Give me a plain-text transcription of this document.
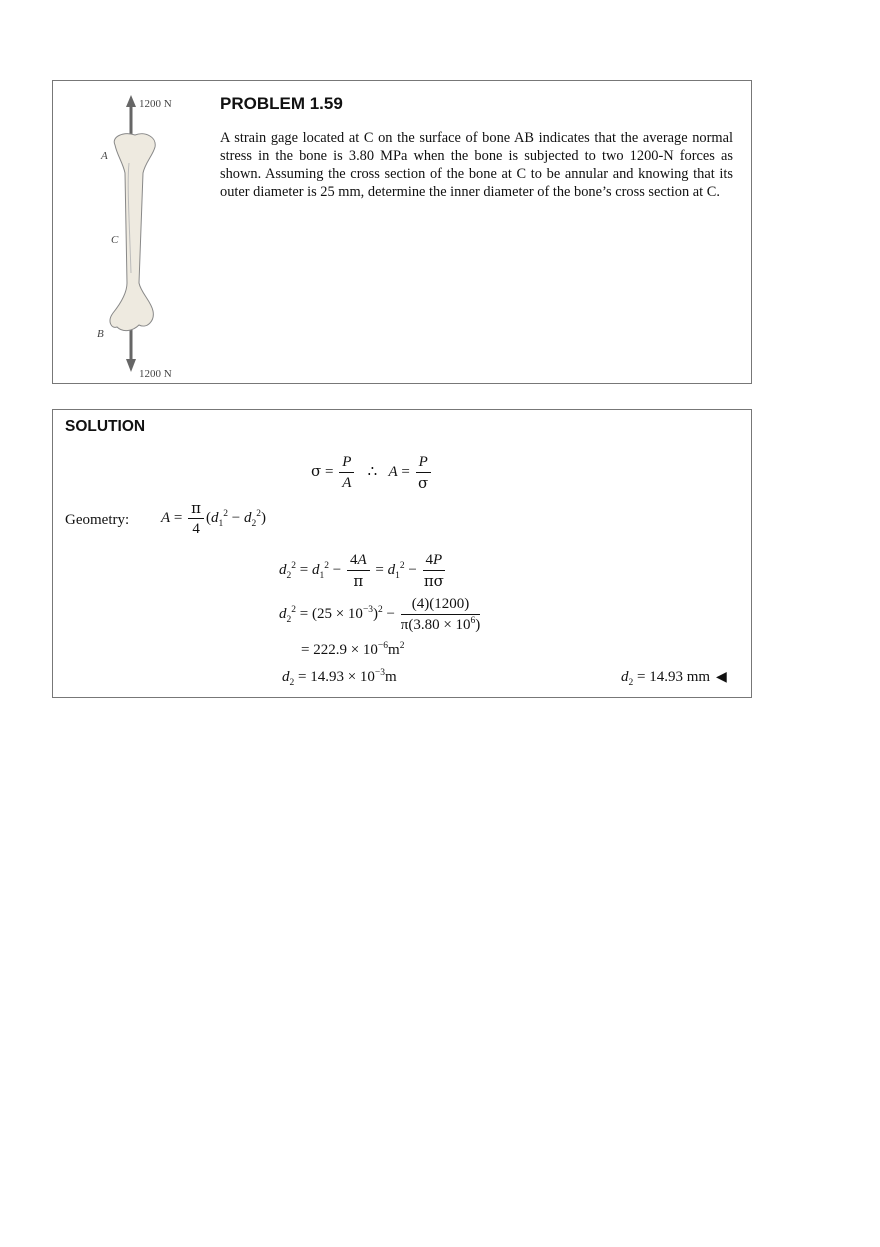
1200 N
1200 N
A
C
B
PROBLEM 1.59

A strain gage located at C on the surface of bone AB indicates that the average normal stress in the bone is 3.80 MPa when the bone is subjected to two 1200-N forces as shown. Assuming the cross section of the bone at C to be annular and knowing that its outer diameter is 25 mm, determine the inner diameter of the bone’s cross section at C.

SOLUTION
$\sigma = \frac{P}{A}$ ∴ $A = \frac{P}{\sigma}$
Geometry: $A = \frac{\pi}{4} (d_1^2 - d_2^2)$
$d_2^2 = d_1^2 - \frac{4A}{\pi} = d_1^2 - \frac{4P}{\pi\sigma}$
$d_2^2 = (25 \times 10^{-3})^2 - \frac{(4)(1200)}{\pi(3.80 \times 10^6)}$
= $222.9 \times 10^{-6}m^2$
$d_2 = 14.93 \times 10^{-3}m$	$d_2 = 14.93$ mm ◀
